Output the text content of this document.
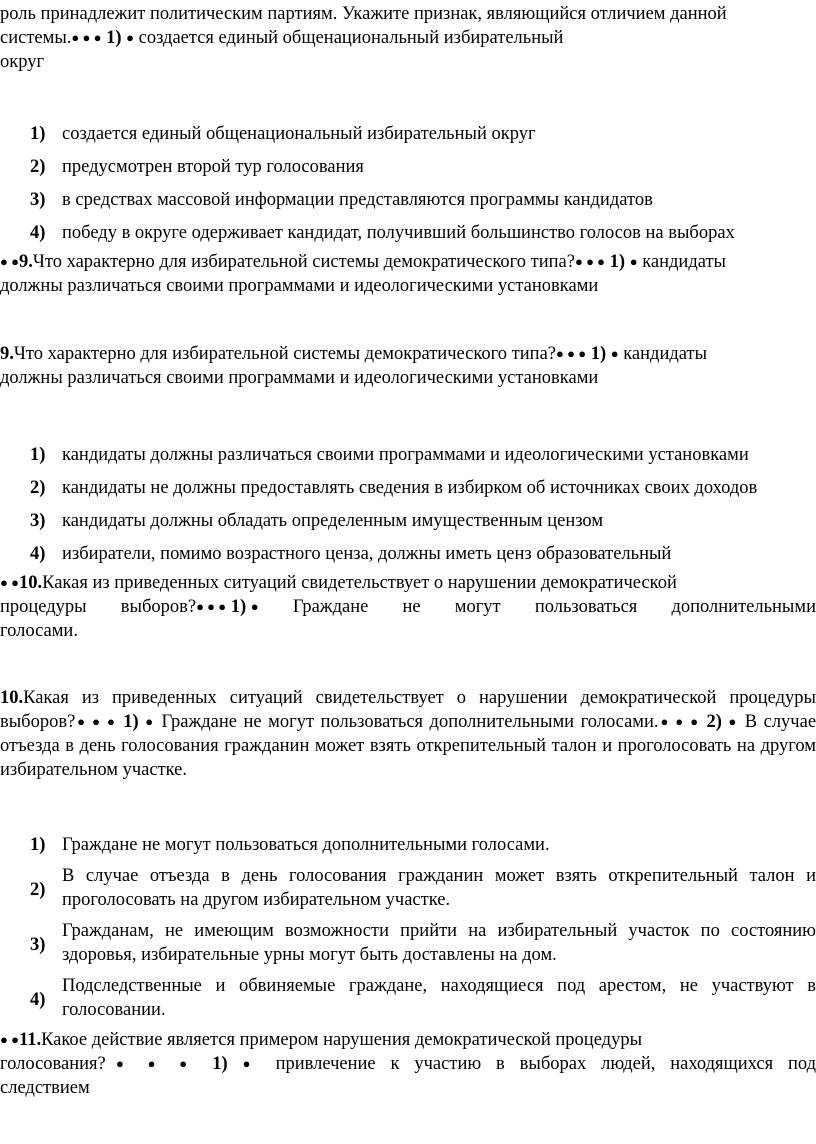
роль принадлежит политическим партиям. Укажите признак, являющийся отличием данной
системы.● ● ● 1) ● создается единый общенациональный избирательный
округ

1) создается единый общенациональный избирательный округ
2) предусмотрен второй тур голосования
3) в средствах массовой информации представляются программы кандидатов
4) победу в округе одерживает кандидат, получивший большинство голосов на выборах

● ●9.Что характерно для избирательной системы демократического типа?● ● ● 1) ● кандидаты
должны различаться своими программами и идеологическими установками

9.Что характерно для избирательной системы демократического типа?● ● ● 1) ● кандидаты
должны различаться своими программами и идеологическими установками

1) кандидаты должны различаться своими программами и идеологическими установками
2) кандидаты не должны предоставлять сведения в избирком об источниках своих доходов
3) кандидаты должны обладать определенным имущественным цензом
4) избиратели, помимо возрастного ценза, должны иметь ценз образовательный
● ●10.Какая из приведенных ситуаций свидетельствует о нарушении демократической
процедуры выборов?● ● ● 1) ● Граждане не могут пользоваться дополнительными
голосами.

10.Какая из приведенных ситуаций свидетельствует о нарушении демократической процедуры выборов?● ● ● 1) ● Граждане не могут пользоваться дополнительными голосами.● ● ● 2) ● В случае отъезда в день голосования гражданин может взять открепительный талон и проголосовать на другом избирательном участке.

1) Граждане не могут пользоваться дополнительными голосами.
2)
В случае отъезда в день голосования гражданин может взять открепительный талон и проголосовать на другом избирательном участке.
3)
Гражданам, не имеющим возможности прийти на избирательный участок по состоянию здоровья, избирательные урны могут быть доставлены на дом.
4)
Подследственные и обвиняемые граждане, находящиеся под арестом, не участвуют в голосовании.
● ●11.Какое действие является примером нарушения демократической процедуры
голосования?● ● ● 1) ● привлечение к участию в выборах людей, находящихся под
следствием
